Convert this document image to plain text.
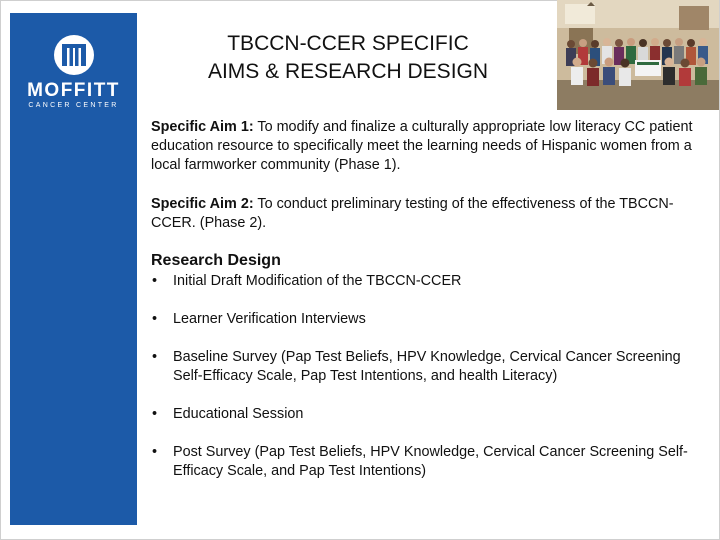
MOFFITT
CANCER CENTER
TBCCN-CCER SPECIFIC
AIMS & RESEARCH DESIGN

Specific Aim 1: To modify and finalize a culturally appropriate low literacy CC patient education resource to specifically meet the learning needs of Hispanic women from a local farmworker community (Phase 1).

Specific Aim 2: To conduct preliminary testing of the effectiveness of the TBCCN-CCER. (Phase 2).

Research Design
• Initial Draft Modification of the TBCCN-CCER
• Learner Verification Interviews
• Baseline Survey (Pap Test Beliefs, HPV Knowledge, Cervical Cancer Screening Self-Efficacy Scale, Pap Test Intentions, and health Literacy)
• Educational Session
• Post Survey (Pap Test Beliefs, HPV Knowledge, Cervical Cancer Screening Self-Efficacy Scale, and Pap Test Intentions)
